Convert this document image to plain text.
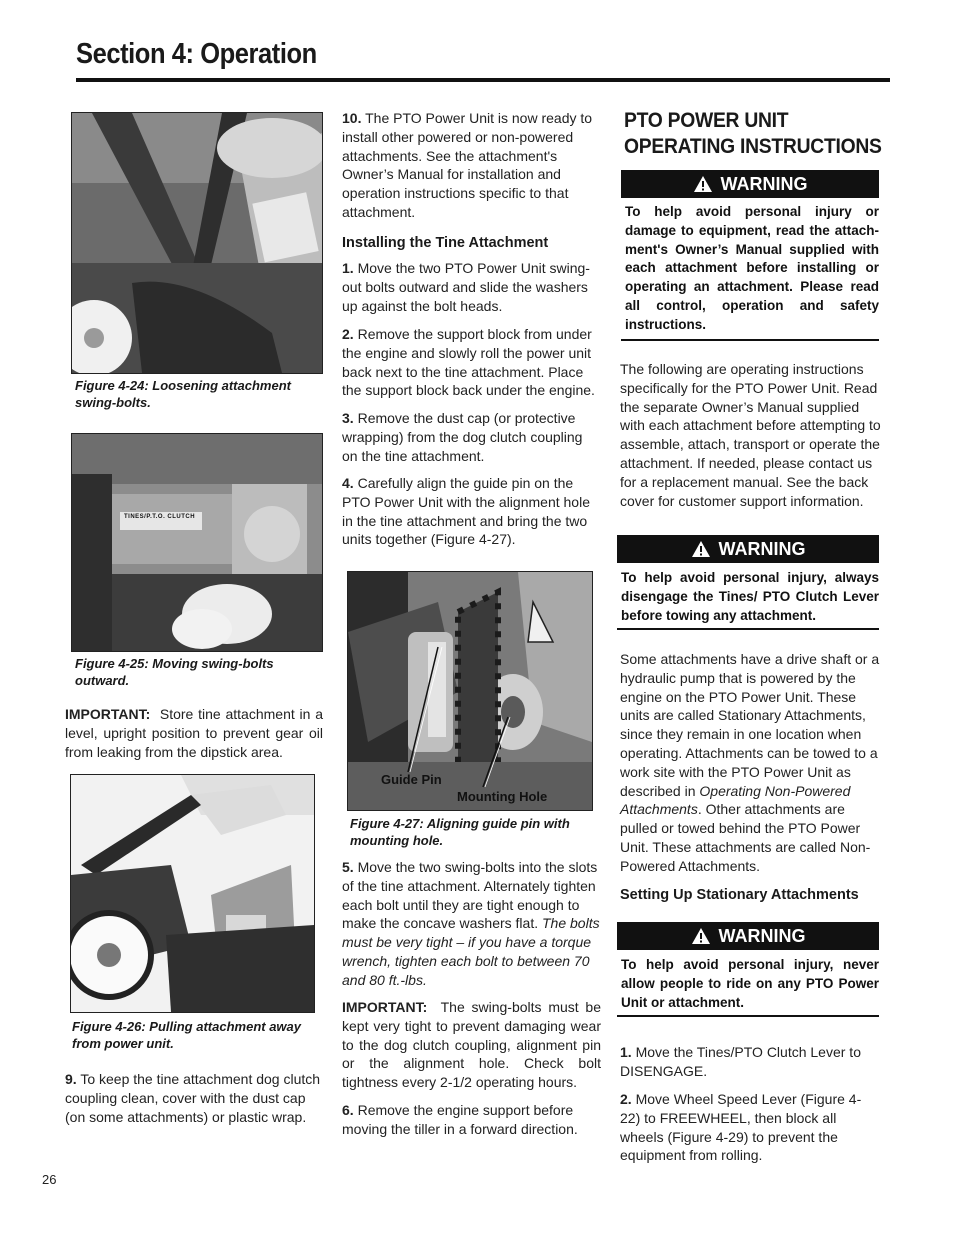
Section 4: Operation
Figure 4-24: Loosening attachment swing-bolts.
TINES/P.T.O. CLUTCH
Figure 4-25: Moving swing-bolts outward.
IMPORTANT: Store tine attachment in a level, upright position to prevent gear oil from leaking from the dipstick area.
Figure 4-26: Pulling attachment away from power unit.
9. To keep the tine attachment dog clutch coupling clean, cover with the dust cap (on some attachments) or plastic wrap.
10. The PTO Power Unit is now ready to install other powered or non-powered attachments. See the attachment's Owner’s Manual for installation and operation instructions specific to that attachment.
Installing the Tine Attachment
1. Move the two PTO Power Unit swing-out bolts outward and slide the washers up against the bolt heads.
2. Remove the support block from under the engine and slowly roll the power unit back next to the tine attachment. Place the support block back under the engine.
3. Remove the dust cap (or protective wrapping) from the dog clutch coupling on the tine attachment.
4. Carefully align the guide pin on the PTO Power Unit with the alignment hole in the tine attachment and bring the two units together (Figure 4-27).
Guide Pin
Mounting Hole
Figure 4-27: Aligning guide pin with mounting hole.
5. Move the two swing-bolts into the slots of the tine attachment. Alternately tighten each bolt until they are tight enough to make the concave washers flat. The bolts must be very tight – if you have a torque wrench, tighten each bolt to between 70 and 80 ft.-lbs.
IMPORTANT: The swing-bolts must be kept very tight to prevent damaging wear to the dog clutch coupling, alignment pin or the alignment hole. Check bolt tightness every 2-1/2 operating hours.
6. Remove the engine support before moving the tiller in a forward direction.
PTO POWER UNIT
OPERATING INSTRUCTIONS
WARNING
To help avoid personal injury or damage to equipment, read the attach-ment's Owner’s Manual supplied with each attachment before installing or operating an attachment. Please read all control, operation and safety instructions.
The following are operating instructions specifically for the PTO Power Unit. Read the separate Owner’s Manual supplied with each attachment before attempting to assemble, attach, transport or operate the attachment. If needed, please contact us for a replacement manual. See the back cover for customer support information.
WARNING
To help avoid personal injury, always disengage the Tines/ PTO Clutch Lever before towing any attachment.
Some attachments have a drive shaft or a hydraulic pump that is powered by the engine on the PTO Power Unit. These units are called Stationary Attachments, since they remain in one location when operating. Attachments can be towed to a work site with the PTO Power Unit as described in Operating Non-Powered Attachments. Other attachments are pulled or towed behind the PTO Power Unit. These attachments are called Non-Powered Attachments.
Setting Up Stationary Attachments
WARNING
To help avoid personal injury, never allow people to ride on any PTO Power Unit or attachment.
1. Move the Tines/PTO Clutch Lever to DISENGAGE.
2. Move Wheel Speed Lever (Figure 4-22) to FREEWHEEL, then block all wheels (Figure 4-29) to prevent the equipment from rolling.
26
